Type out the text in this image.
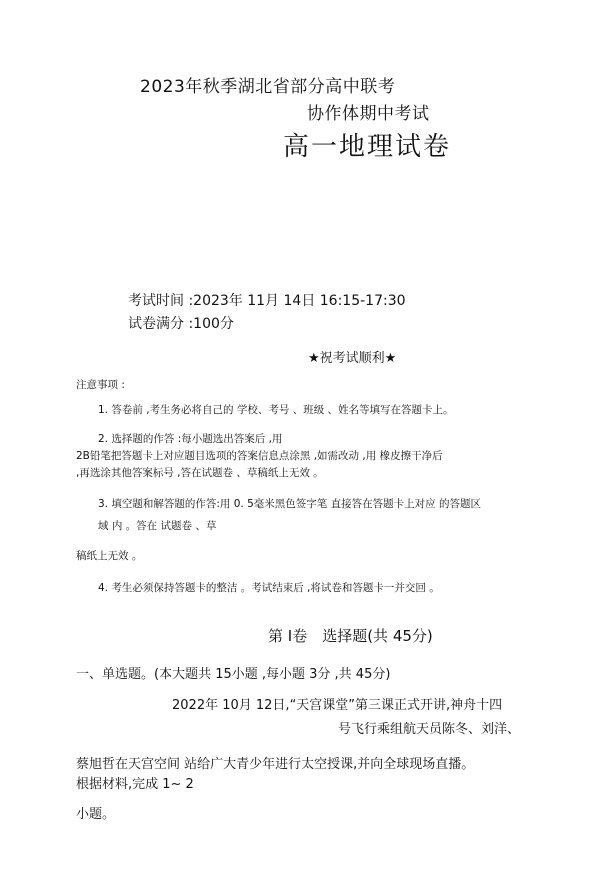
2023年秋季湖北省部分高中联考
协作体期中考试
高一地理试卷
考试时间 :2023年 11月 14日 16:15-17:30
试卷满分 :100分
★祝考试顺利★
注意事项 :
1. 答卷前 ,考生务必将自己的 学校、考号 、班级 、姓名等填写在答题卡上。
2. 选择题的作答 :每小题选出答案后 ,用
2B铅笔把答题卡上对应题目选项的答案信息点涂黑 ,如需改动 ,用 橡皮擦干净后
,再选涂其他答案标号 ,答在试题卷 、草稿纸上无效 。
3. 填空题和解答题的作答:用 0. 5毫米黑色签字笔 直接答在答题卡上对应 的答题区
域 内 。答在 试题卷 、草
稿纸上无效 。
4. 考生必须保持答题卡的整洁 。考试结束后 ,将试卷和答题卡一并交回 。
第 Ⅰ卷　选择题(共 45分)
一、单选题。(本大题共 15小题 ,每小题 3分 ,共 45分)
2022年 10月 12日,“天宫课堂”第三课正式开讲,神舟十四
号飞行乘组航天员陈冬、刘洋、
蔡旭哲在天宫空间 站给广大青少年进行太空授课,并向全球现场直播。
根据材料,完成 1~ 2
小题。
